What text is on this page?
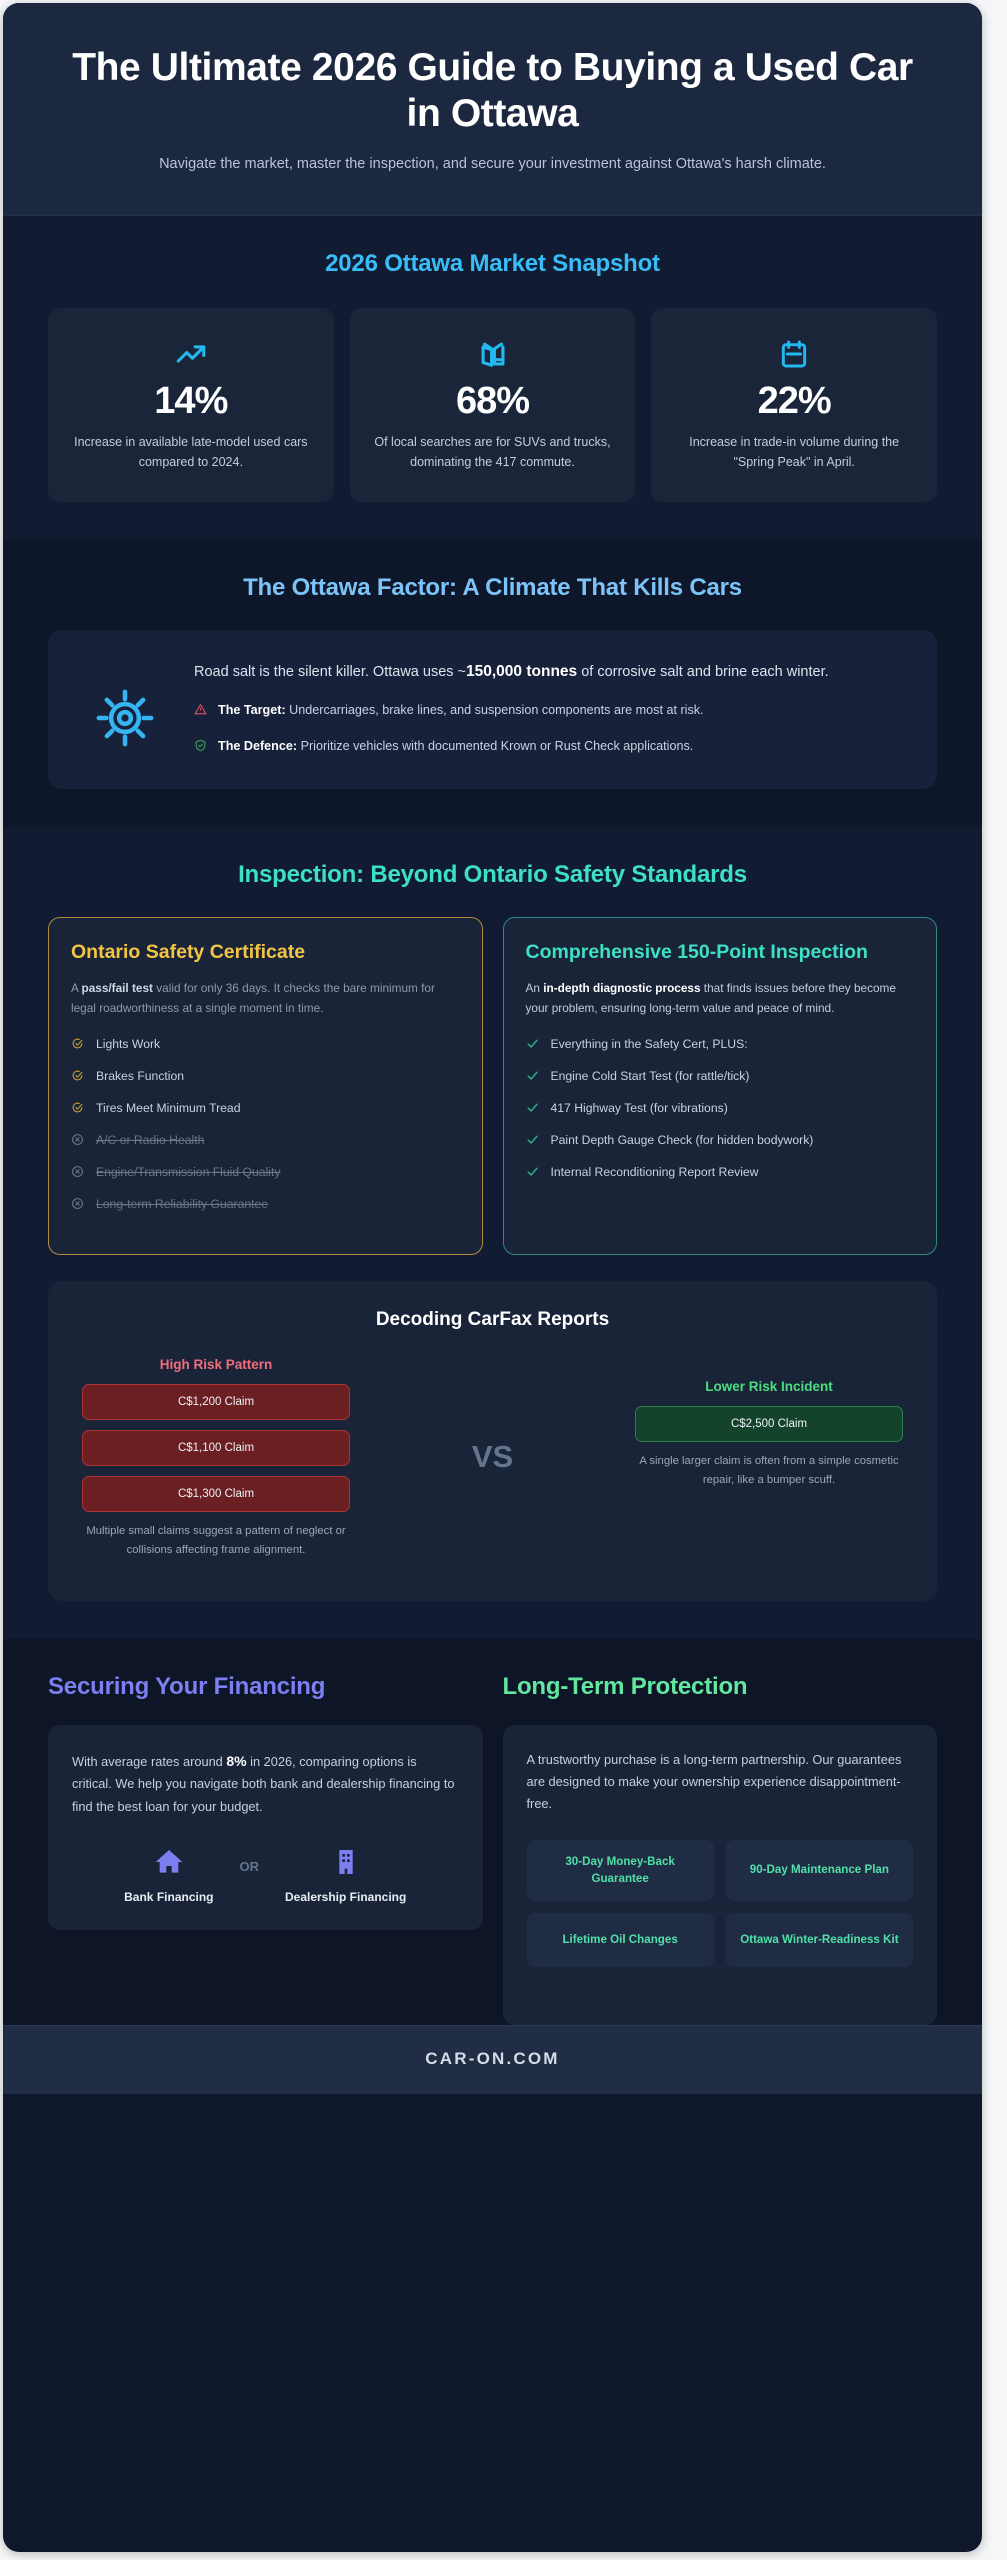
The Ultimate 2026 Guide to Buying a Used Car in Ottawa

Navigate the market, master the inspection, and secure your investment against Ottawa's harsh climate.

2026 Ottawa Market Snapshot
14%
Increase in available late-model used cars compared to 2024.
68%
Of local searches are for SUVs and trucks, dominating the 417 commute.
22%
Increase in trade-in volume during the "Spring Peak" in April.
The Ottawa Factor: A Climate That Kills Cars

Road salt is the silent killer. Ottawa uses ~150,000 tonnes of corrosive salt and brine each winter.

The Target: Undercarriages, brake lines, and suspension components are most at risk.
The Defence: Prioritize vehicles with documented Krown or Rust Check applications.
Inspection: Beyond Ontario Safety Standards
Ontario Safety Certificate

A pass/fail test valid for only 36 days. It checks the bare minimum for legal roadworthiness at a single moment in time.

Lights Work
Brakes Function
Tires Meet Minimum Tread
A/C or Radio Health
Engine/Transmission Fluid Quality
Long-term Reliability Guarantee
Comprehensive 150-Point Inspection

An in-depth diagnostic process that finds issues before they become your problem, ensuring long-term value and peace of mind.

Everything in the Safety Cert, PLUS:
Engine Cold Start Test (for rattle/tick)
417 Highway Test (for vibrations)
Paint Depth Gauge Check (for hidden bodywork)
Internal Reconditioning Report Review
Decoding CarFax Reports
High Risk Pattern
C$1,200 Claim
C$1,100 Claim
C$1,300 Claim
Multiple small claims suggest a pattern of neglect or collisions affecting frame alignment.
VS
Lower Risk Incident
C$2,500 Claim
A single larger claim is often from a simple cosmetic repair, like a bumper scuff.
Securing Your Financing

With average rates around 8% in 2026, comparing options is critical. We help you navigate both bank and dealership financing to find the best loan for your budget.

Bank Financing
OR
Dealership Financing
Long-Term Protection

A trustworthy purchase is a long-term partnership. Our guarantees are designed to make your ownership experience disappointment-free.

30-Day Money-Back Guarantee
90-Day Maintenance Plan
Lifetime Oil Changes	Ottawa Winter-Readiness Kit
CAR-ON.COM
